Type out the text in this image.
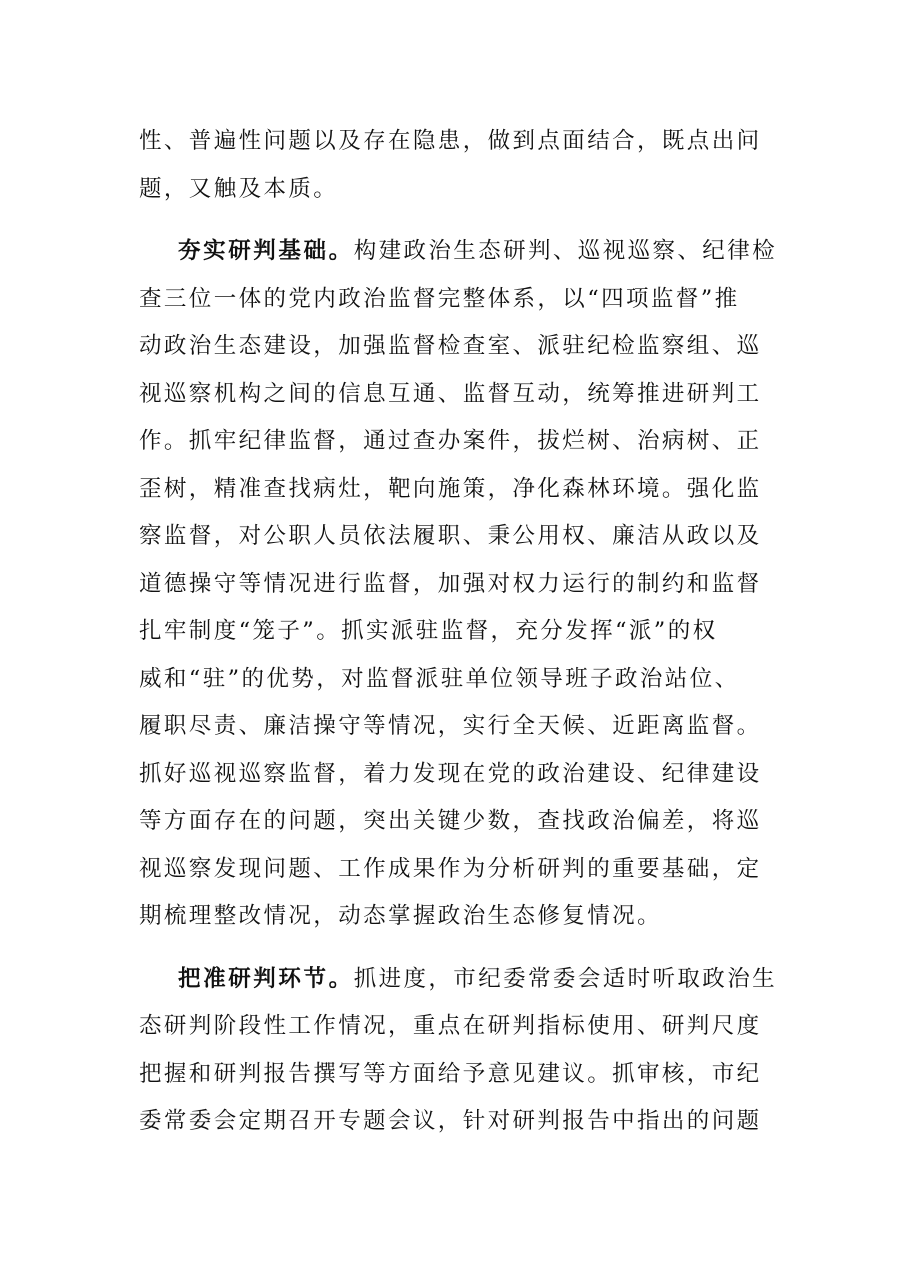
性、普遍性问题以及存在隐患，做到点面结合，既点出问
题，又触及本质。
夯实研判基础。构建政治生态研判、巡视巡察、纪律检
查三位一体的党内政治监督完整体系，以“四项监督”推
动政治生态建设，加强监督检查室、派驻纪检监察组、巡
视巡察机构之间的信息互通、监督互动，统筹推进研判工
作。抓牢纪律监督，通过查办案件，拔烂树、治病树、正
歪树，精准查找病灶，靶向施策，净化森林环境。强化监
察监督，对公职人员依法履职、秉公用权、廉洁从政以及
道德操守等情况进行监督，加强对权力运行的制约和监督
扎牢制度“笼子”。抓实派驻监督，充分发挥“派”的权
威和“驻”的优势，对监督派驻单位领导班子政治站位、
履职尽责、廉洁操守等情况，实行全天候、近距离监督。
抓好巡视巡察监督，着力发现在党的政治建设、纪律建设
等方面存在的问题，突出关键少数，查找政治偏差，将巡
视巡察发现问题、工作成果作为分析研判的重要基础，定
期梳理整改情况，动态掌握政治生态修复情况。
把准研判环节。抓进度，市纪委常委会适时听取政治生
态研判阶段性工作情况，重点在研判指标使用、研判尺度
把握和研判报告撰写等方面给予意见建议。抓审核，市纪
委常委会定期召开专题会议，针对研判报告中指出的问题
